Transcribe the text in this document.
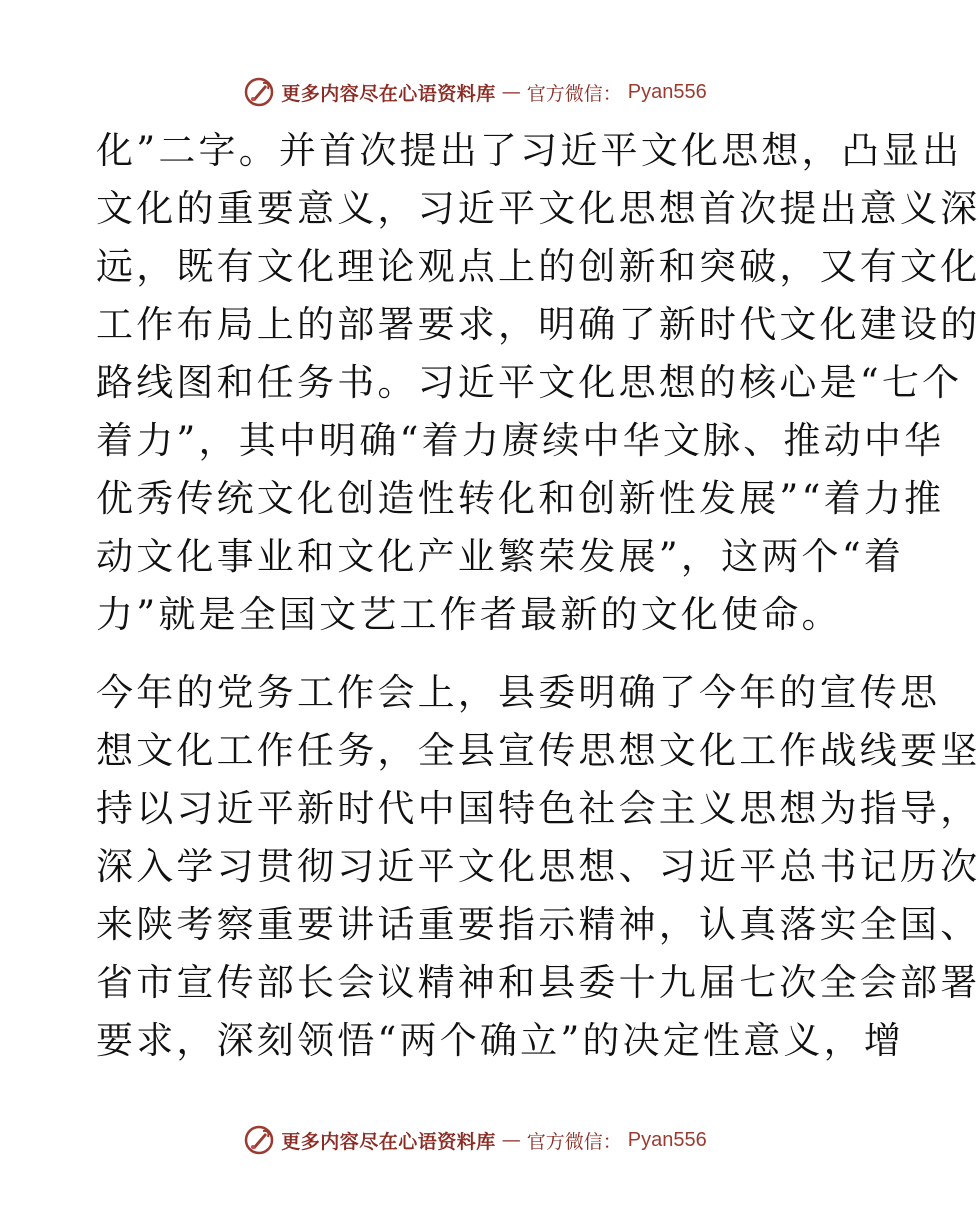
更多内容尽在心语资料库 — 官方微信： Pyan556
化”二字。并首次提出了习近平文化思想，凸显出
文化的重要意义，习近平文化思想首次提出意义深
远，既有文化理论观点上的创新和突破，又有文化
工作布局上的部署要求，明确了新时代文化建设的
路线图和任务书。习近平文化思想的核心是“七个
着力”，其中明确“着力赓续中华文脉、推动中华
优秀传统文化创造性转化和创新性发展”“着力推
动文化事业和文化产业繁荣发展”，这两个“着
力”就是全国文艺工作者最新的文化使命。
今年的党务工作会上，县委明确了今年的宣传思
想文化工作任务，全县宣传思想文化工作战线要坚
持以习近平新时代中国特色社会主义思想为指导，
深入学习贯彻习近平文化思想、习近平总书记历次
来陕考察重要讲话重要指示精神，认真落实全国、
省市宣传部长会议精神和县委十九届七次全会部署
要求，深刻领悟“两个确立”的决定性意义，增
更多内容尽在心语资料库 — 官方微信： Pyan556
